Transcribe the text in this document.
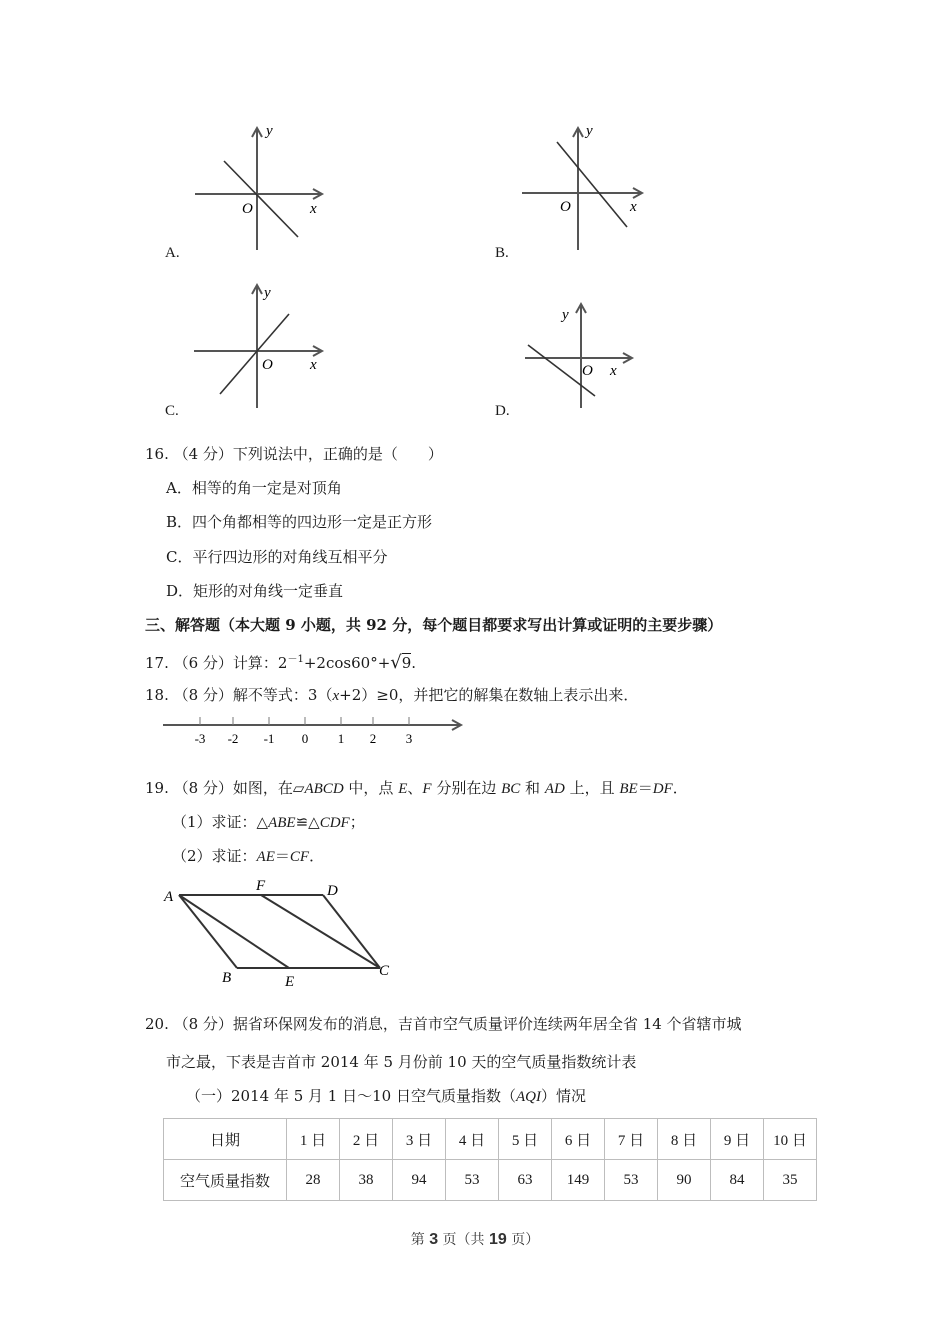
y
x
O
A.
y
x
O
B.
y
x
O
C.
y
x
O
D.
16. （4 分）下列说法中，正确的是（　　）
A．相等的角一定是对顶角
B．四个角都相等的四边形一定是正方形
C．平行四边形的对角线互相平分
D．矩形的对角线一定垂直
三、解答题（本大题 9 小题，共 92 分，每个题目都要求写出计算或证明的主要步骤）
17. （6 分）计算：$2^{-1}+2\cos 60^\circ+√9$.
18. （8 分）解不等式：3（x+2）≥0，并把它的解集在数轴上表示出来．
-3 -2 -1 0 1 2 3
19. （8 分）如图，在▱ABCD 中，点 E、F 分别在边 BC 和 AD 上，且 BE＝DF．
（1）求证：△ABE≌△CDF；
（2）求证：AE＝CF．
A
F	D
B	E
C
20. （8 分）据省环保网发布的消息，吉首市空气质量评价连续两年居全省 14 个省辖市城
市之最，下表是吉首市 2014 年 5 月份前 10 天的空气质量指数统计表
（一）2014 年 5 月 1 日～10 日空气质量指数（AQI）情况
日期	1 日	2 日	3 日	4 日	5 日	6 日	7 日	8 日	9 日	10 日
空气质量指数	28	38	94	53	63	149	53	90	84	35
第 3 页（共 19 页）
